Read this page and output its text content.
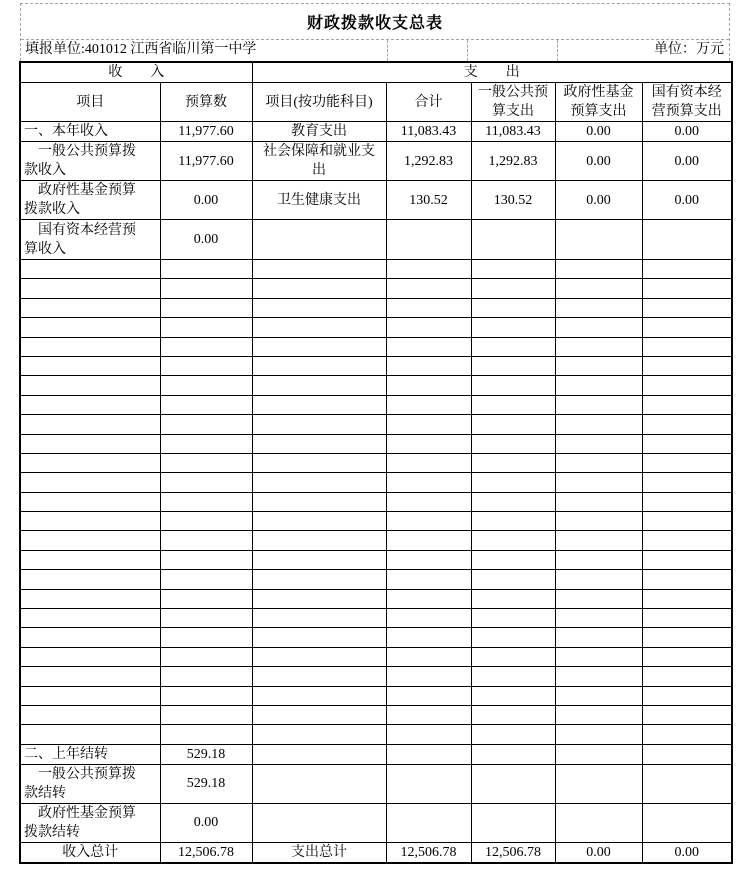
财政拨款收支总表
填报单位:401012 江西省临川第一中学	单位：万元
收　　入		支　　出				
项目	预算数	项目(按功能科目)	合计	一般公共预算支出	政府性基金预算支出	国有资本经营预算支出
一、本年收入	11,977.60	教育支出	11,083.43	11,083.43	0.00	0.00
　一般公共预算拨款收入	11,977.60	社会保障和就业支出	1,292.83	1,292.83	0.00	0.00
　政府性基金预算拨款收入	0.00	卫生健康支出	130.52	130.52	0.00	0.00
　国有资本经营预算收入	0.00					

二、上年结转	529.18					
　一般公共预算拨款结转	529.18					
　政府性基金预算拨款结转	0.00					
收入总计	12,506.78	支出总计	12,506.78	12,506.78	0.00	0.00
